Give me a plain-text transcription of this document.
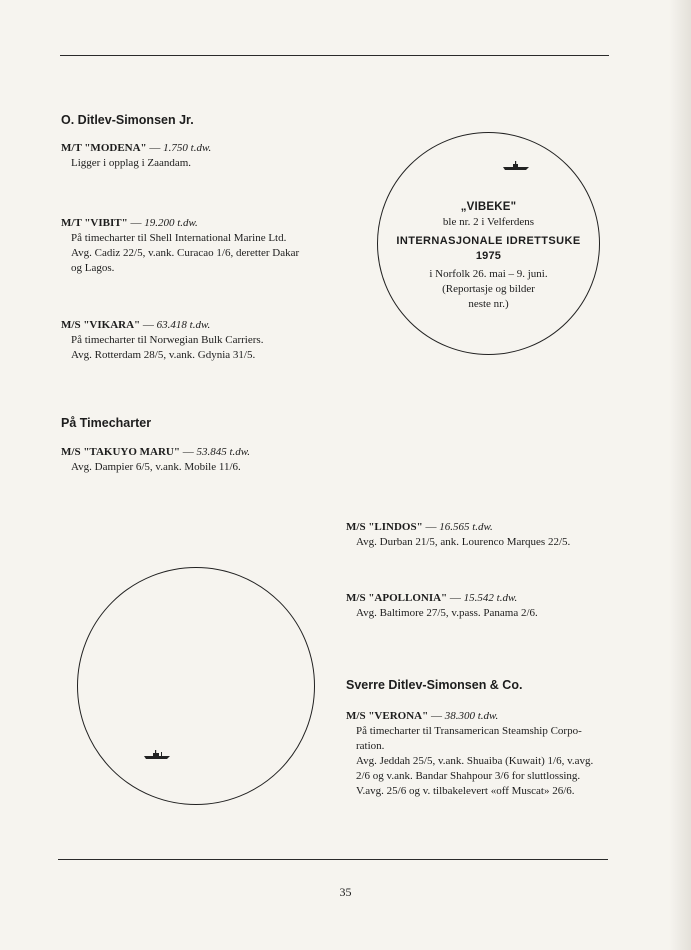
O. Ditlev-Simonsen Jr.
M/T "MODENA" — 1.750 t.dw.
Ligger i opplag i Zaandam.
M/T "VIBIT" — 19.200 t.dw.
På timecharter til Shell International Marine Ltd.
Avg. Cadiz 22/5, v.ank. Curacao 1/6, deretter Dakar
og Lagos.
M/S "VIKARA" — 63.418 t.dw.
På timecharter til Norwegian Bulk Carriers.
Avg. Rotterdam 28/5, v.ank. Gdynia 31/5.
På Timecharter
M/S "TAKUYO MARU" — 53.845 t.dw.
Avg. Dampier 6/5, v.ank. Mobile 11/6.
„VIBEKE"
ble nr. 2 i Velferdens
INTERNASJONALE IDRETTSUKE
1975
i Norfolk 26. mai – 9. juni.
(Reportasje og bilder
neste nr.)
M/S "LINDOS" — 16.565 t.dw.
Avg. Durban 21/5, ank. Lourenco Marques 22/5.
M/S "APOLLONIA" — 15.542 t.dw.
Avg. Baltimore 27/5, v.pass. Panama 2/6.
Sverre Ditlev-Simonsen & Co.
M/S "VERONA" — 38.300 t.dw.
På timecharter til Transamerican Steamship Corpo-
ration.
Avg. Jeddah 25/5, v.ank. Shuaiba (Kuwait) 1/6, v.avg.
2/6 og v.ank. Bandar Shahpour 3/6 for sluttlossing.
V.avg. 25/6 og v. tilbakelevert «off Muscat» 26/6.
35
